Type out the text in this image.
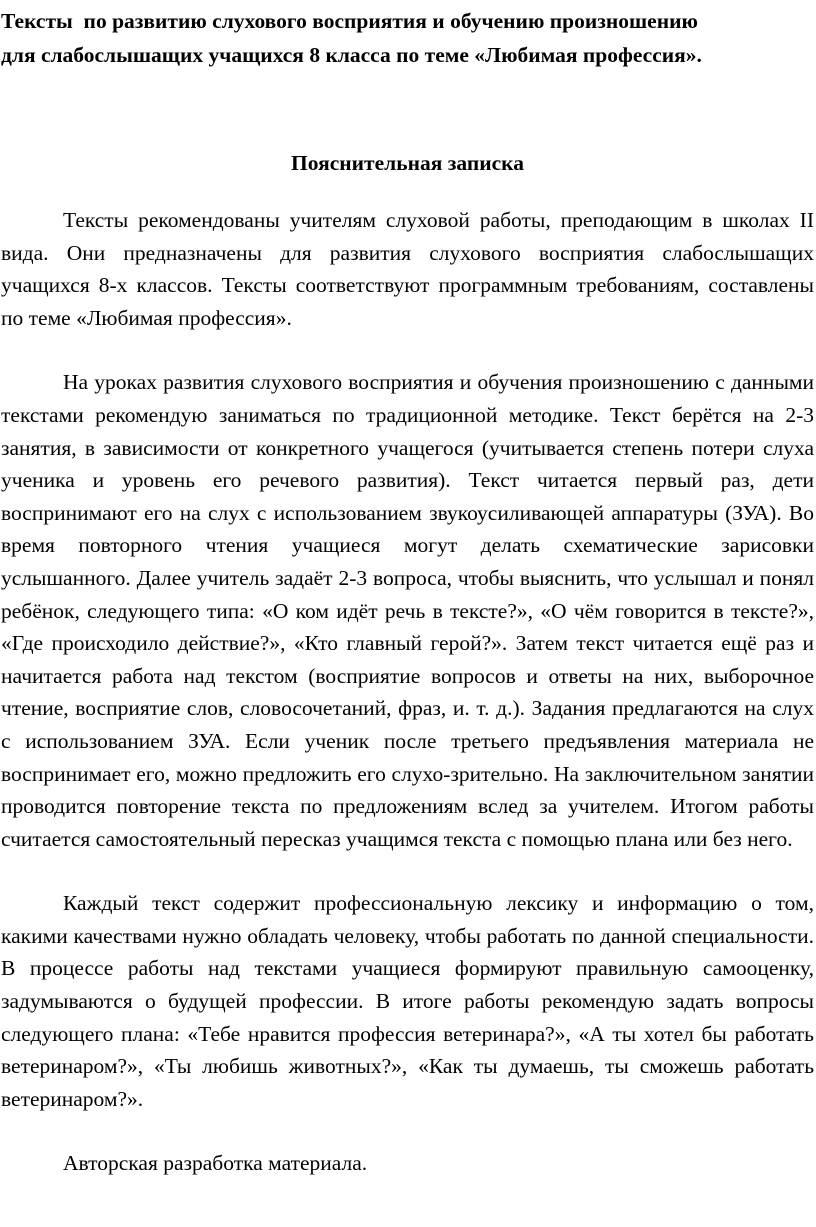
Тексты  по развитию слухового восприятия и обучению произношению
для слабослышащих учащихся 8 класса по теме «Любимая профессия».
Пояснительная записка

Тексты рекомендованы учителям слуховой работы, преподающим в школах II вида. Они предназначены для развития слухового восприятия слабослышащих учащихся 8-х классов. Тексты соответствуют программным требованиям, составлены по теме «Любимая профессия».

На уроках развития слухового восприятия и обучения произношению с данными текстами рекомендую заниматься по традиционной методике. Текст берётся на 2-3 занятия, в зависимости от конкретного учащегося (учитывается степень потери слуха ученика и уровень его речевого развития). Текст читается первый раз, дети воспринимают его на слух с использованием звукоусиливающей аппаратуры (ЗУА). Во время повторного чтения учащиеся могут делать схематические зарисовки услышанного. Далее учитель задаёт 2-3 вопроса, чтобы выяснить, что услышал и понял ребёнок, следующего типа: «О ком идёт речь в тексте?», «О чём говорится в тексте?», «Где происходило действие?», «Кто главный герой?». Затем текст читается ещё раз и начитается работа над текстом (восприятие вопросов и ответы на них, выборочное чтение, восприятие слов, словосочетаний, фраз, и. т. д.). Задания предлагаются на слух с использованием ЗУА. Если ученик после третьего предъявления материала не воспринимает его, можно предложить его слухо-зрительно. На заключительном занятии проводится повторение текста по предложениям вслед за учителем. Итогом работы считается самостоятельный пересказ учащимся текста с помощью плана или без него.

Каждый текст содержит профессиональную лексику и информацию о том, какими качествами нужно обладать человеку, чтобы работать по данной специальности. В процессе работы над текстами учащиеся формируют правильную самооценку, задумываются о будущей профессии. В итоге работы рекомендую задать вопросы следующего плана: «Тебе нравится профессия ветеринара?», «А ты хотел бы работать ветеринаром?», «Ты любишь животных?», «Как ты думаешь, ты сможешь работать ветеринаром?».

Авторская разработка материала.
